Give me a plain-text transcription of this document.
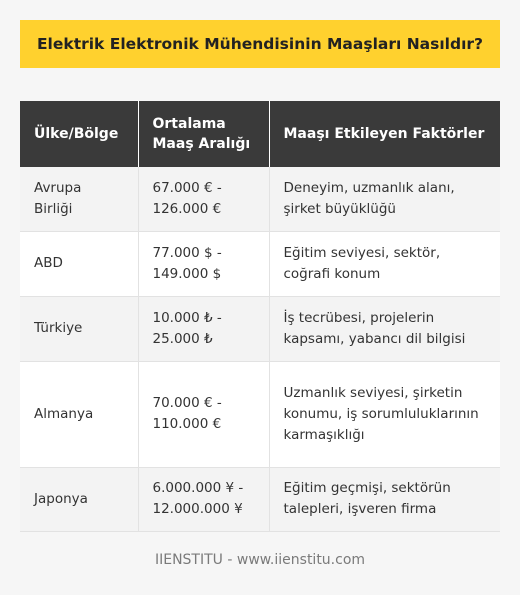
Elektrik Elektronik Mühendisinin Maaşları Nasıldır?
Ülke/Bölge	Ortalama Maaş Aralığı	Maaşı Etkileyen Faktörler
Avrupa Birliği	67.000 € - 126.000 €	Deneyim, uzmanlık alanı, şirket büyüklüğü
ABD	77.000 $ - 149.000 $	Eğitim seviyesi, sektör, coğrafi konum
Türkiye	10.000 ₺ - 25.000 ₺	İş tecrübesi, projelerin kapsamı, yabancı dil bilgisi
Almanya	70.000 € - 110.000 €	Uzmanlık seviyesi, şirketin konumu, iş sorumluluklarının karmaşıklığı
Japonya	6.000.000 ¥ - 12.000.000 ¥	Eğitim geçmişi, sektörün talepleri, işveren firma
IIENSTITU - www.iienstitu.com
